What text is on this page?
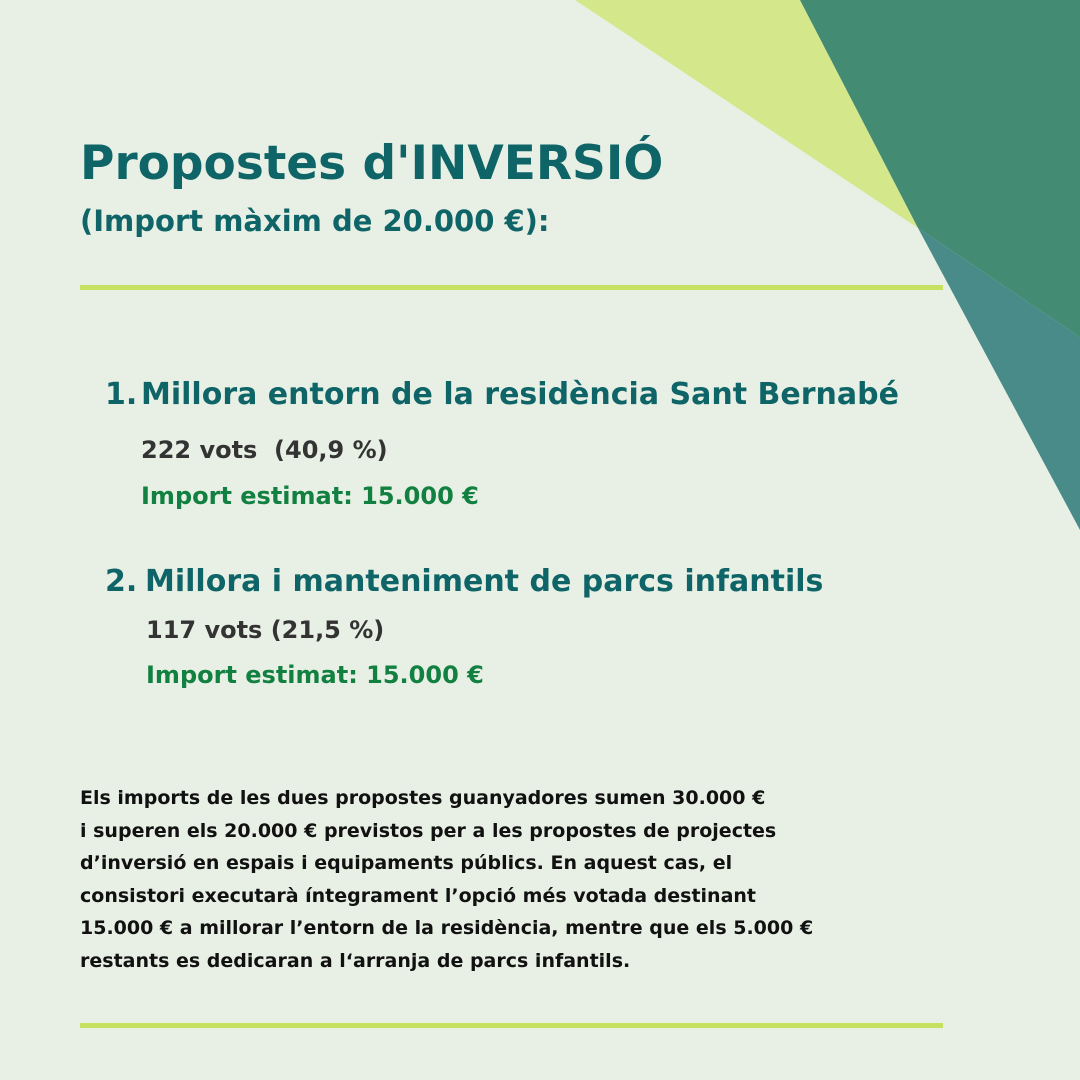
Propostes d'INVERSIÓ
(Import màxim de 20.000 €):
1. Millora entorn de la residència Sant Bernabé
222 vots  (40,9 %)
Import estimat: 15.000 €
2. Millora i manteniment de parcs infantils
117 vots (21,5 %)
Import estimat: 15.000 €

Els imports de les dues propostes guanyadores sumen 30.000 €
i superen els 20.000 € previstos per a les propostes de projectes
d’inversió en espais i equipaments públics. En aquest cas, el
consistori executarà íntegrament l’opció més votada destinant
15.000 € a millorar l’entorn de la residència, mentre que els 5.000 €
restants es dedicaran a l‘arranja de parcs infantils.
